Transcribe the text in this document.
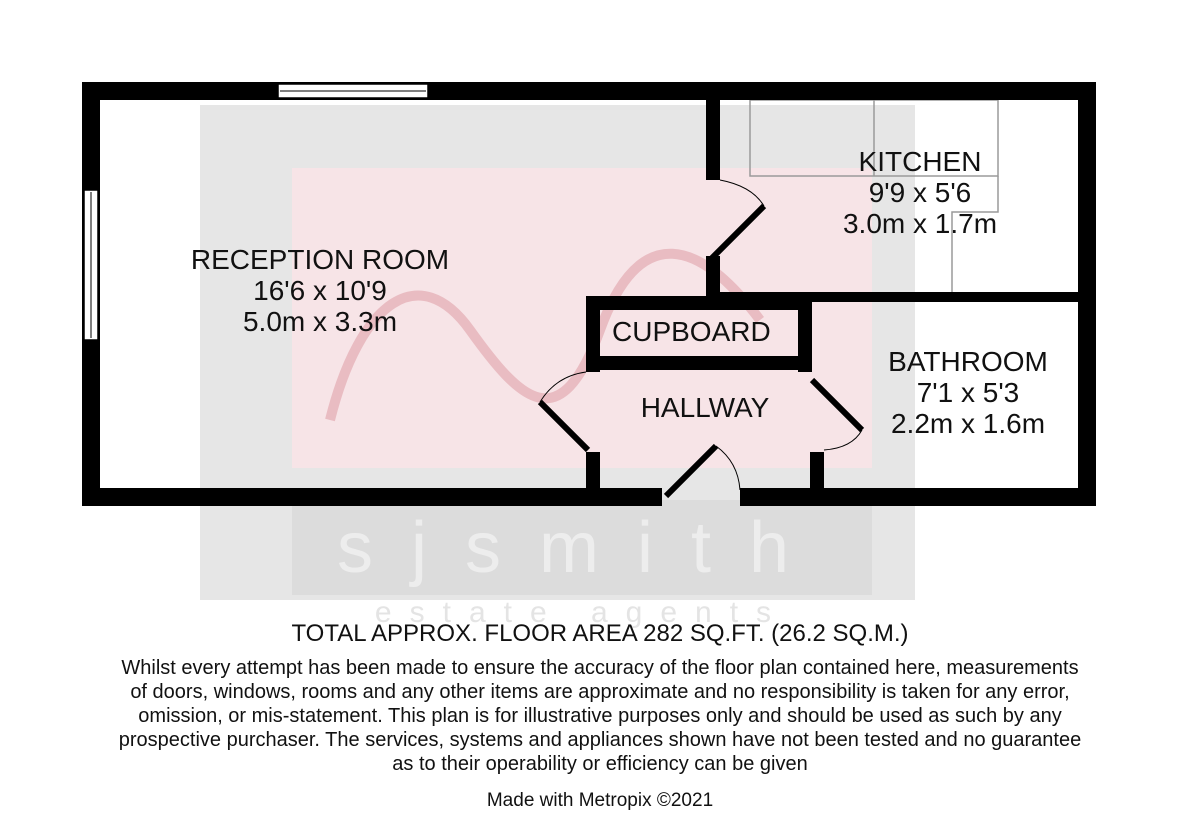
sjsmith
estate agents
RECEPTION ROOM
16'6 x 10'9
5.0m x 3.3m
KITCHEN
9'9 x 5'6
3.0m x 1.7m
CUPBOARD
HALLWAY
BATHROOM
7'1 x 5'3
2.2m x 1.6m
TOTAL APPROX. FLOOR AREA 282 SQ.FT. (26.2 SQ.M.)
Whilst every attempt has been made to ensure the accuracy of the floor plan contained here, measurements
of doors, windows, rooms and any other items are approximate and no responsibility is taken for any error,
omission, or mis-statement. This plan is for illustrative purposes only and should be used as such by any
prospective purchaser. The services, systems and appliances shown have not been tested and no guarantee
as to their operability or efficiency can be given
Made with Metropix ©2021
